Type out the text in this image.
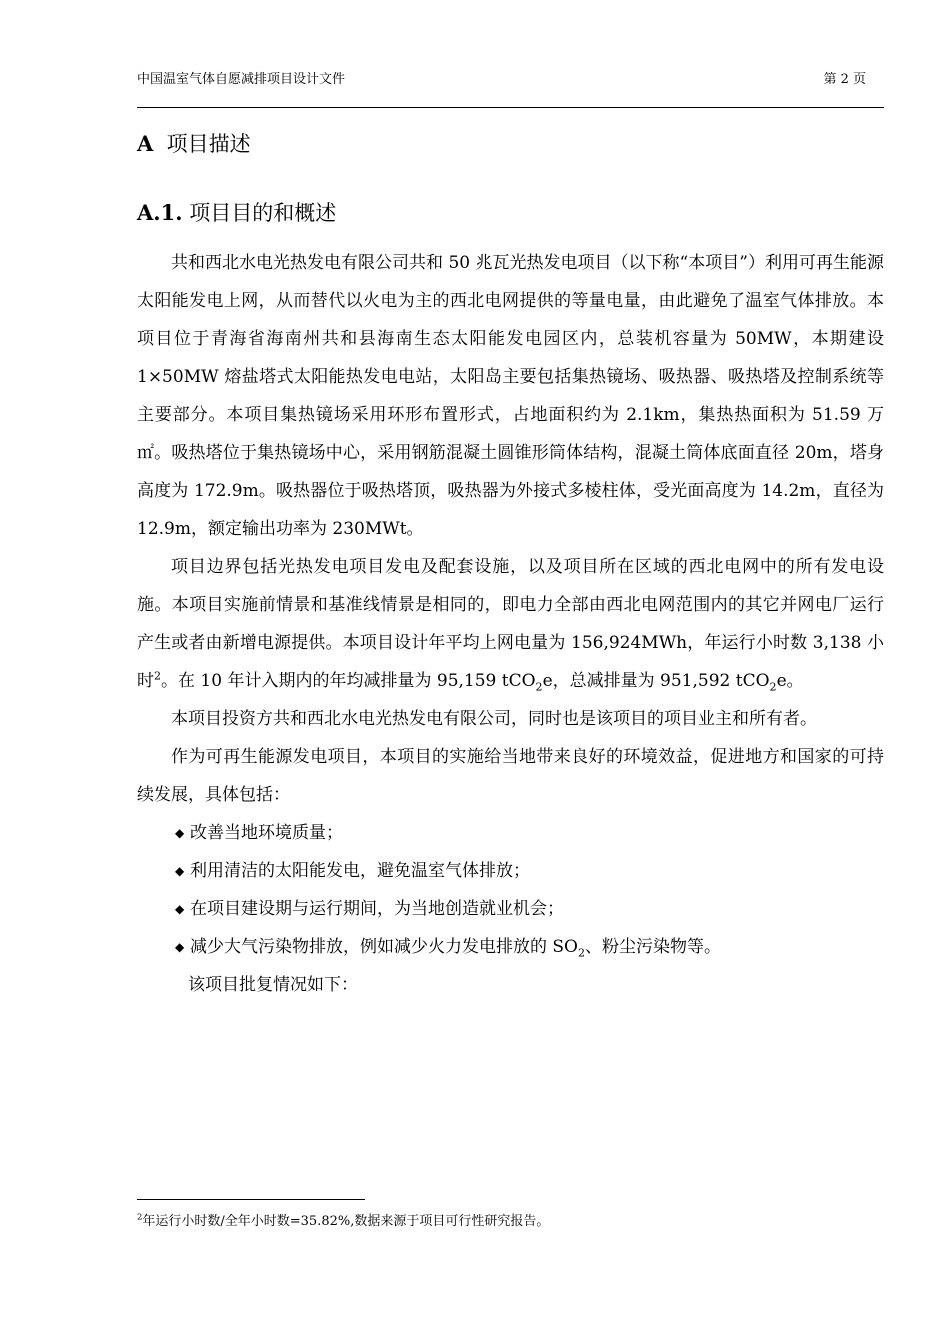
中国温室气体自愿减排项目设计文件	第 2 页
A 项目描述
A.1. 项目目的和概述

共和西北水电光热发电有限公司共和 50 兆瓦光热发电项目（以下称“本项目”）利用可再生能源太阳能发电上网，从而替代以火电为主的西北电网提供的等量电量，由此避免了温室气体排放。本项目位于青海省海南州共和县海南生态太阳能发电园区内，总装机容量为 50MW，本期建设 1×50MW 熔盐塔式太阳能热发电电站，太阳岛主要包括集热镜场、吸热器、吸热塔及控制系统等主要部分。本项目集热镜场采用环形布置形式，占地面积约为 2.1km，集热热面积为 51.59 万㎡。吸热塔位于集热镜场中心，采用钢筋混凝土圆锥形筒体结构，混凝土筒体底面直径 20m，塔身高度为 172.9m。吸热器位于吸热塔顶，吸热器为外接式多棱柱体，受光面高度为 14.2m，直径为 12.9m，额定输出功率为 230MWt。

项目边界包括光热发电项目发电及配套设施，以及项目所在区域的西北电网中的所有发电设施。本项目实施前情景和基准线情景是相同的，即电力全部由西北电网范围内的其它并网电厂运行产生或者由新增电源提供。本项目设计年平均上网电量为 156,924MWh，年运行小时数 3,138 小时$^2$。在 10 年计入期内的年均减排量为 95,159 tCO$_2$e，总减排量为 951,592 tCO$_2$e。

本项目投资方共和西北水电光热发电有限公司，同时也是该项目的项目业主和所有者。

作为可再生能源发电项目，本项目的实施给当地带来良好的环境效益，促进地方和国家的可持续发展，具体包括：

◆ 改善当地环境质量；
◆ 利用清洁的太阳能发电，避免温室气体排放；
◆ 在项目建设期与运行期间，为当地创造就业机会；
◆ 减少大气污染物排放，例如减少火力发电排放的 $SO_2$、粉尘污染物等。
该项目批复情况如下：
$^2$年运行小时数/全年小时数=35.82%,数据来源于项目可行性研究报告。
